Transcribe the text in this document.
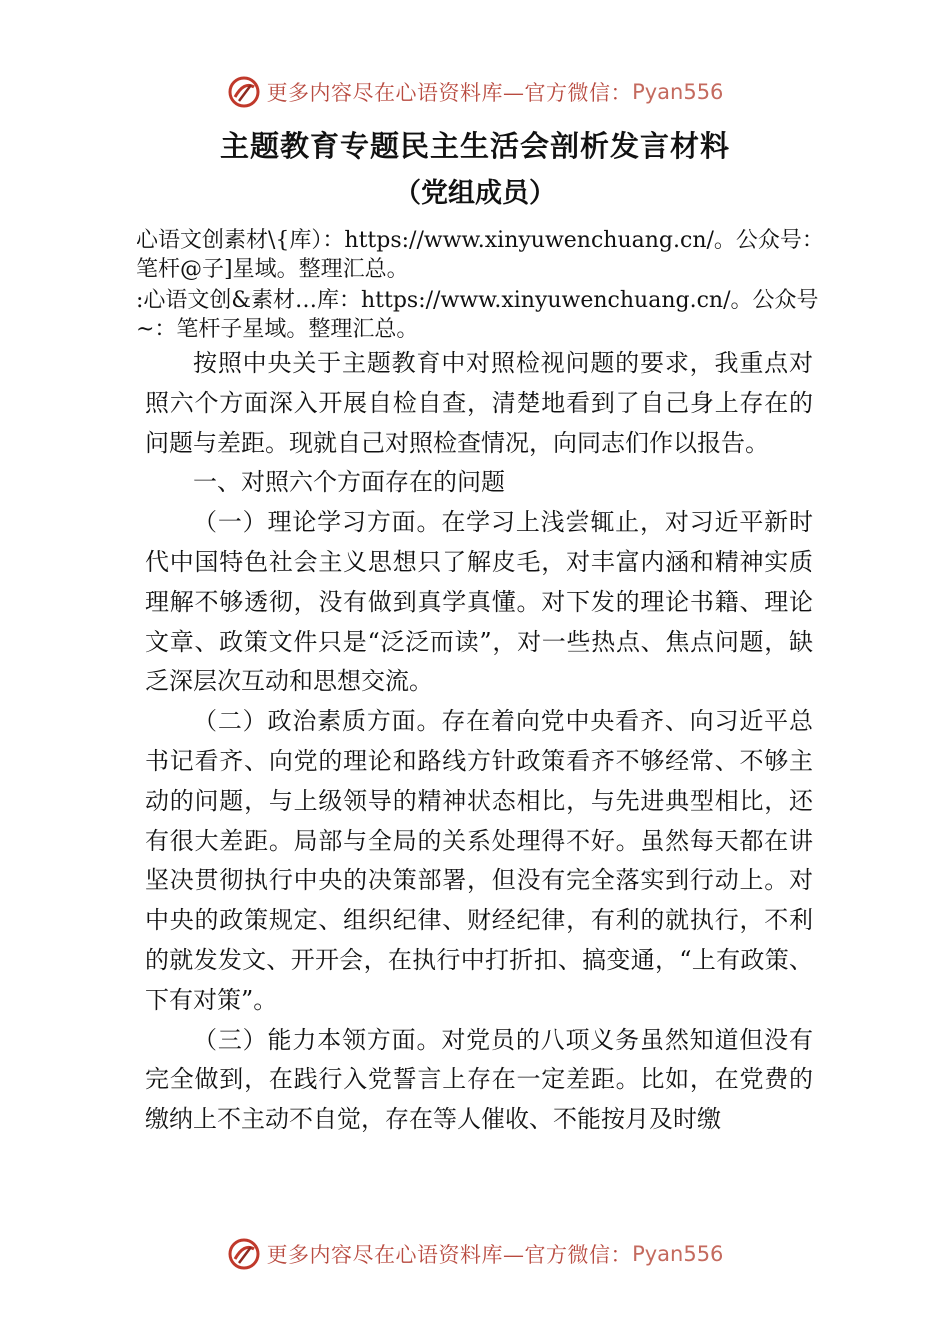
更多内容尽在心语资料库—官方微信： Pyan556
主题教育专题民主生活会剖析发言材料
（党组成员）
心语文创素材\{库）：https://www.xinyuwenchuang.cn/。公众号：笔杆@子]星域。整理汇总。
:心语文创&素材…库：https://www.xinyuwenchuang.cn/。公众号~：笔杆子星域。整理汇总。

按照中央关于主题教育中对照检视问题的要求，我重点对照六个方面深入开展自检自查，清楚地看到了自己身上存在的问题与差距。现就自己对照检查情况，向同志们作以报告。

一、对照六个方面存在的问题

（一）理论学习方面。在学习上浅尝辄止，对习近平新时代中国特色社会主义思想只了解皮毛，对丰富内涵和精神实质理解不够透彻，没有做到真学真懂。对下发的理论书籍、理论文章、政策文件只是“泛泛而读”，对一些热点、焦点问题，缺乏深层次互动和思想交流。

（二）政治素质方面。存在着向党中央看齐、向习近平总书记看齐、向党的理论和路线方针政策看齐不够经常、不够主动的问题，与上级领导的精神状态相比，与先进典型相比，还有很大差距。局部与全局的关系处理得不好。虽然每天都在讲坚决贯彻执行中央的决策部署，但没有完全落实到行动上。对中央的政策规定、组织纪律、财经纪律，有利的就执行，不利的就发发文、开开会，在执行中打折扣、搞变通，“上有政策、下有对策”。

（三）能力本领方面。对党员的八项义务虽然知道但没有完全做到，在践行入党誓言上存在一定差距。比如，在党费的缴纳上不主动不自觉，存在等人催收、不能按月及时缴

更多内容尽在心语资料库—官方微信： Pyan556
